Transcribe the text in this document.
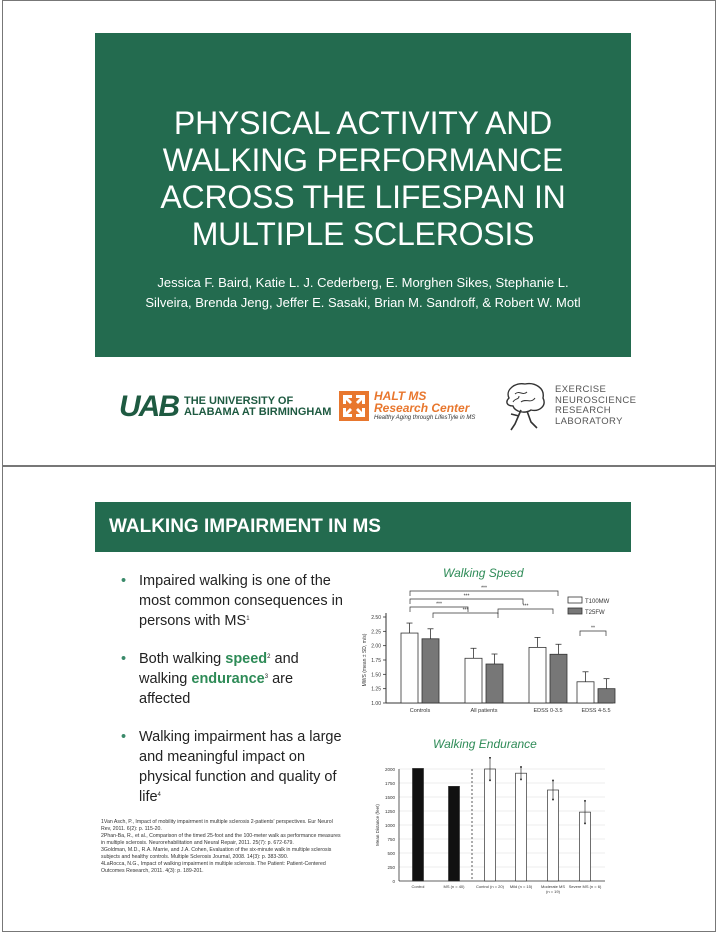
PHYSICAL ACTIVITY AND
WALKING PERFORMANCE
ACROSS THE LIFESPAN IN
MULTIPLE SCLEROSIS
Jessica F. Baird, Katie L. J. Cederberg, E. Morghen Sikes, Stephanie L.
Silveira, Brenda Jeng, Jeffer E. Sasaki, Brian M. Sandroff, & Robert W. Motl
UAB THE UNIVERSITY OF
ALABAMA AT BIRMINGHAM
HALT MS
Research Center
Healthy Aging through LifesTyle in MS
EXERCISE
NEUROSCIENCE
RESEARCH
LABORATORY
WALKING IMPAIRMENT IN MS
• Impaired walking is one of the most common consequences in persons with $MS^1$
• Both walking speed$^2$ and walking endurance$^3$ are affected
• Walking impairment has a large and meaningful impact on physical function and quality of life$^4$

1Van Asch, P., Impact of mobility impairment in multiple sclerosis 2-patients' perspectives. Eur Neurol Rev, 2011. 6(2): p. 115-20.

2Phan-Ba, R., et al., Comparison of the timed 25-foot and the 100-meter walk as performance measures in multiple sclerosis. Neurorehabilitation and Neural Repair, 2011. 25(7): p. 672-679.

3Goldman, M.D., R.A. Marrie, and J.A. Cohen, Evaluation of the six-minute walk in multiple sclerosis subjects and healthy controls. Multiple Sclerosis Journal, 2008. 14(3): p. 383-390.

4LaRocca, N.G., Impact of walking impairment in multiple sclerosis. The Patient: Patient-Centered Outcomes Research, 2011. 4(3): p. 189-201.

Walking Speed
Walking Endurance
2.50
2.25
2.00
1.75
1.50
1.25
1.00
MWS (mean ± SD, m/s)
Controls	All patients	EDSS 0-3.5	EDSS 4-5.5
***
***
***
***
***
**
T100MW
T25FW
2000
1750
1500
1250
1000
750
500
250
0
Mean Distance (feet)
Control	MS (n = 40)	Control (n = 20) Mild (n = 15) Moderate MS
(n = 19)
Severe MS (n = 6)
